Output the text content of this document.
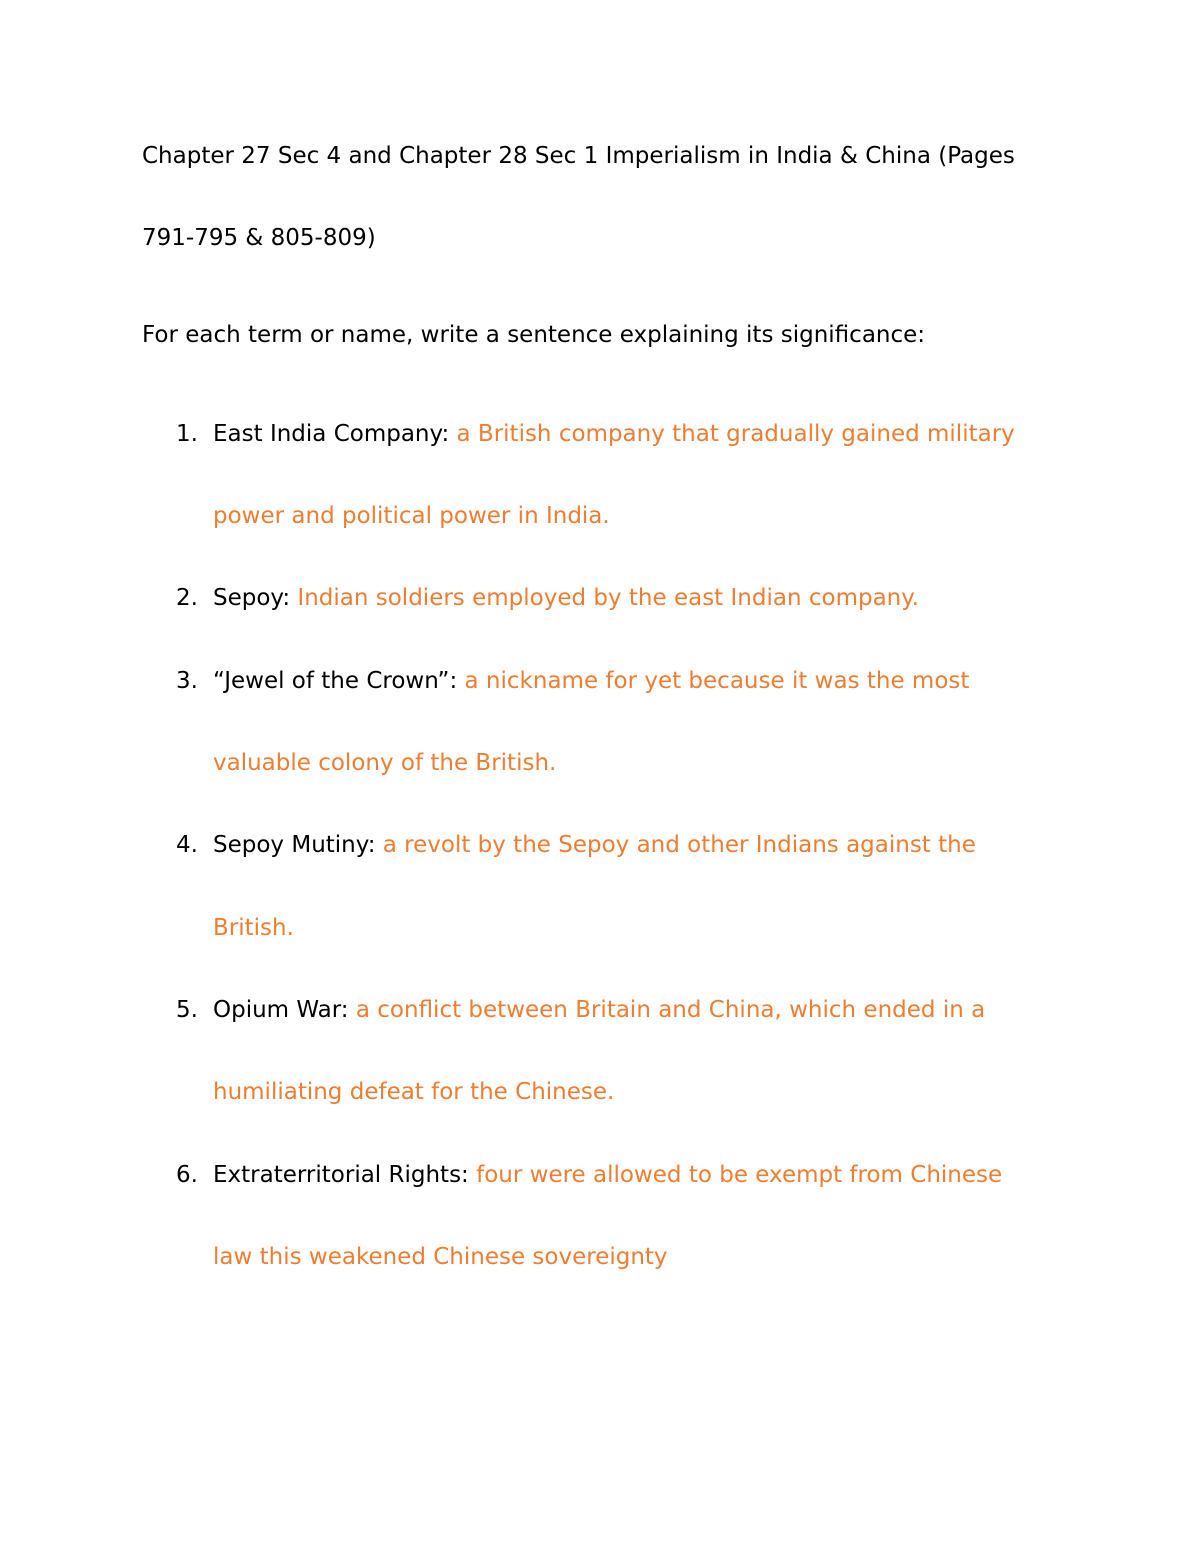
Chapter 27 Sec 4 and Chapter 28 Sec 1 Imperialism in India & China (Pages
791-795 & 805-809)
For each term or name, write a sentence explaining its significance:
1. East India Company: a British company that gradually gained military
power and political power in India.
2. Sepoy: Indian soldiers employed by the east Indian company.
3. “Jewel of the Crown”: a nickname for yet because it was the most
valuable colony of the British.
4. Sepoy Mutiny: a revolt by the Sepoy and other Indians against the
British.
5. Opium War: a conflict between Britain and China, which ended in a
humiliating defeat for the Chinese.
6. Extraterritorial Rights: four were allowed to be exempt from Chinese
law this weakened Chinese sovereignty
